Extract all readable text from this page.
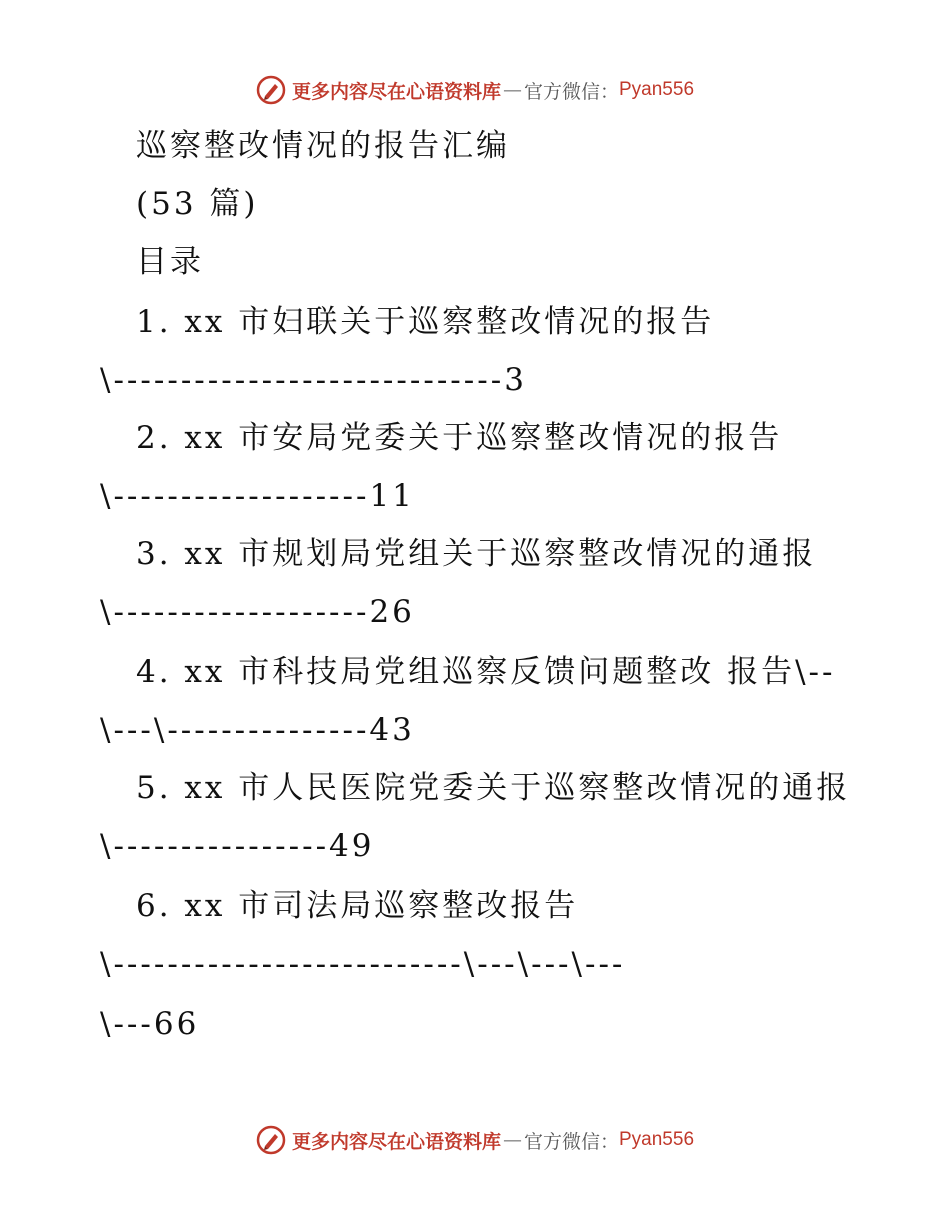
更多内容尽在心语资料库 — 官方微信： Pyan556
巡察整改情况的报告汇编
(53 篇)
目录
1. xx 市妇联关于巡察整改情况的报告
\-----------------------------3
2. xx 市安局党委关于巡察整改情况的报告
\-------------------11
3. xx 市规划局党组关于巡察整改情况的通报
\-------------------26
4. xx 市科技局党组巡察反馈问题整改 报告\--
\---\---------------43
5. xx 市人民医院党委关于巡察整改情况的通报
\----------------49
6. xx 市司法局巡察整改报告
\--------------------------\---\---\---
\---66
更多内容尽在心语资料库 — 官方微信： Pyan556
